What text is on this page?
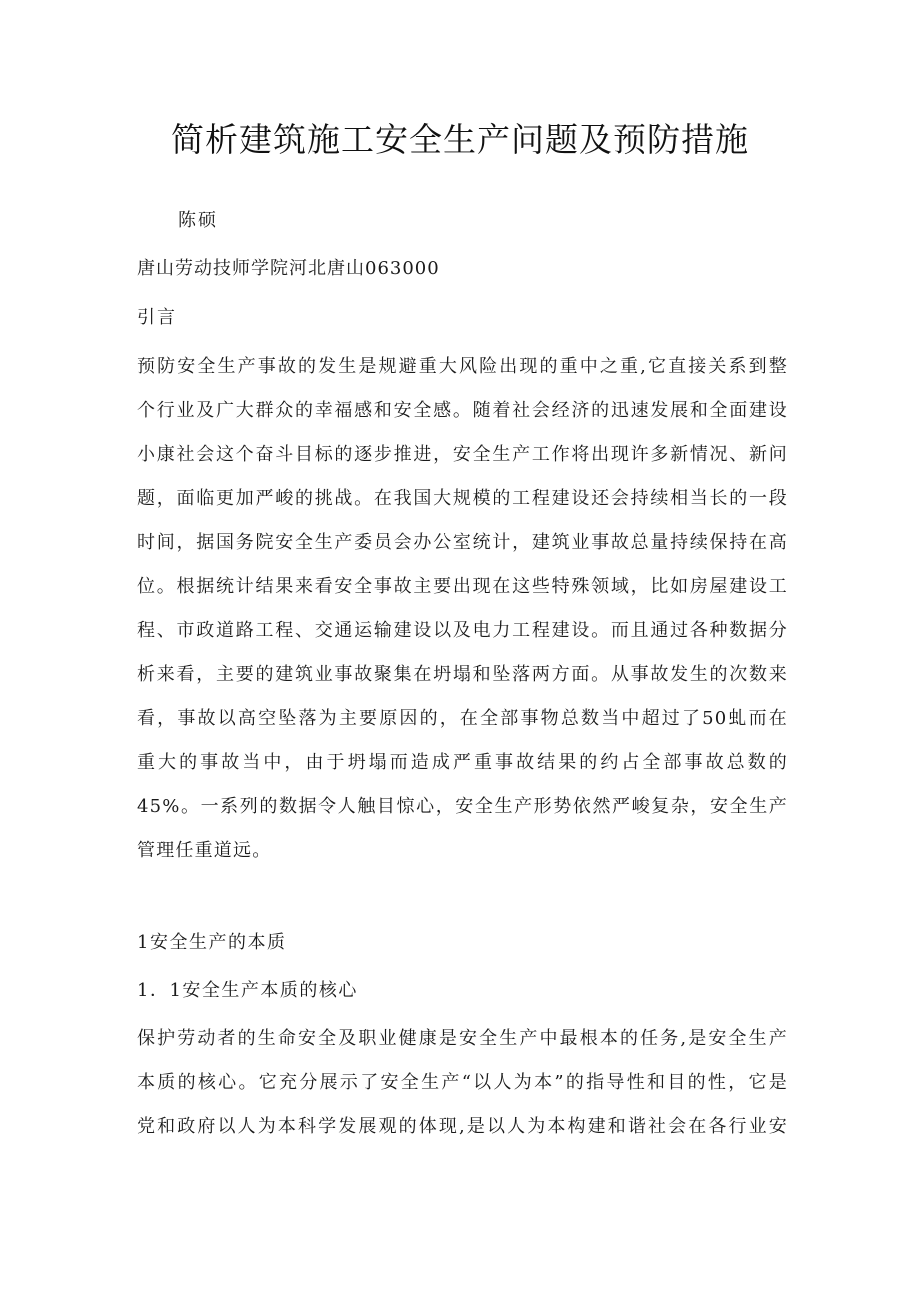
简析建筑施工安全生产问题及预防措施
陈硕
唐山劳动技师学院河北唐山063000
引言
预防安全生产事故的发生是规避重大风险出现的重中之重,它直接关系到整
个行业及广大群众的幸福感和安全感。随着社会经济的迅速发展和全面建设
小康社会这个奋斗目标的逐步推进，安全生产工作将出现许多新情况、新问
题，面临更加严峻的挑战。在我国大规模的工程建设还会持续相当长的一段
时间，据国务院安全生产委员会办公室统计，建筑业事故总量持续保持在高
位。根据统计结果来看安全事故主要出现在这些特殊领域，比如房屋建设工
程、市政道路工程、交通运输建设以及电力工程建设。而且通过各种数据分
析来看，主要的建筑业事故聚集在坍塌和坠落两方面。从事故发生的次数来
看，事故以高空坠落为主要原因的，在全部事物总数当中超过了50虬而在
重大的事故当中，由于坍塌而造成严重事故结果的约占全部事故总数的
45%。一系列的数据令人触目惊心，安全生产形势依然严峻复杂，安全生产
管理任重道远。
1安全生产的本质
1．1安全生产本质的核心
保护劳动者的生命安全及职业健康是安全生产中最根本的任务,是安全生产
本质的核心。它充分展示了安全生产“以人为本”的指导性和目的性，它是
党和政府以人为本科学发展观的体现,是以人为本构建和谐社会在各行业安
